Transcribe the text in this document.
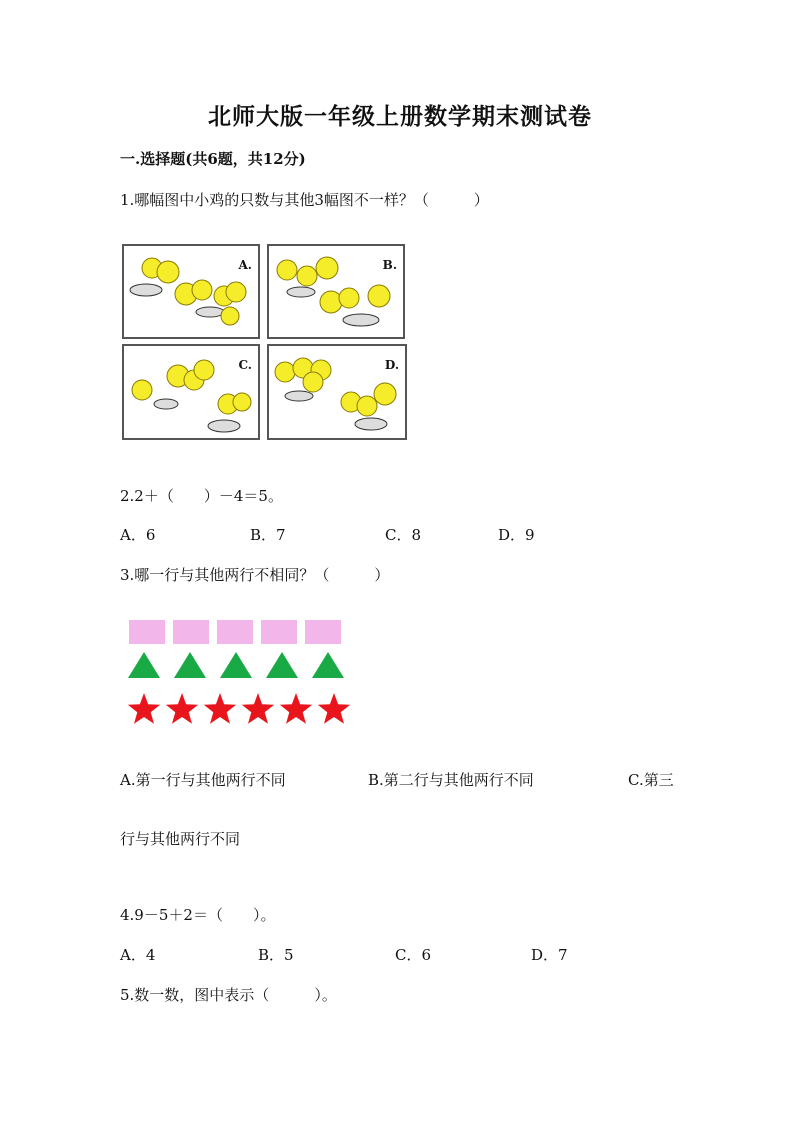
北师大版一年级上册数学期末测试卷
一.选择题(共6题，共12分)
1.哪幅图中小鸡的只数与其他3幅图不一样？（　　　）
A.	B.
C.	D.
2.2＋（　　）－4＝5。
A．6	B．7	C．8	D．9
3.哪一行与其他两行不相同？（　　　）
A.第一行与其他两行不同	B.第二行与其他两行不同	C.第三
行与其他两行不同
4.9－5＋2＝（　　）。
A．4	B．5	C．6	D．7
5.数一数，图中表示（　　　）。
